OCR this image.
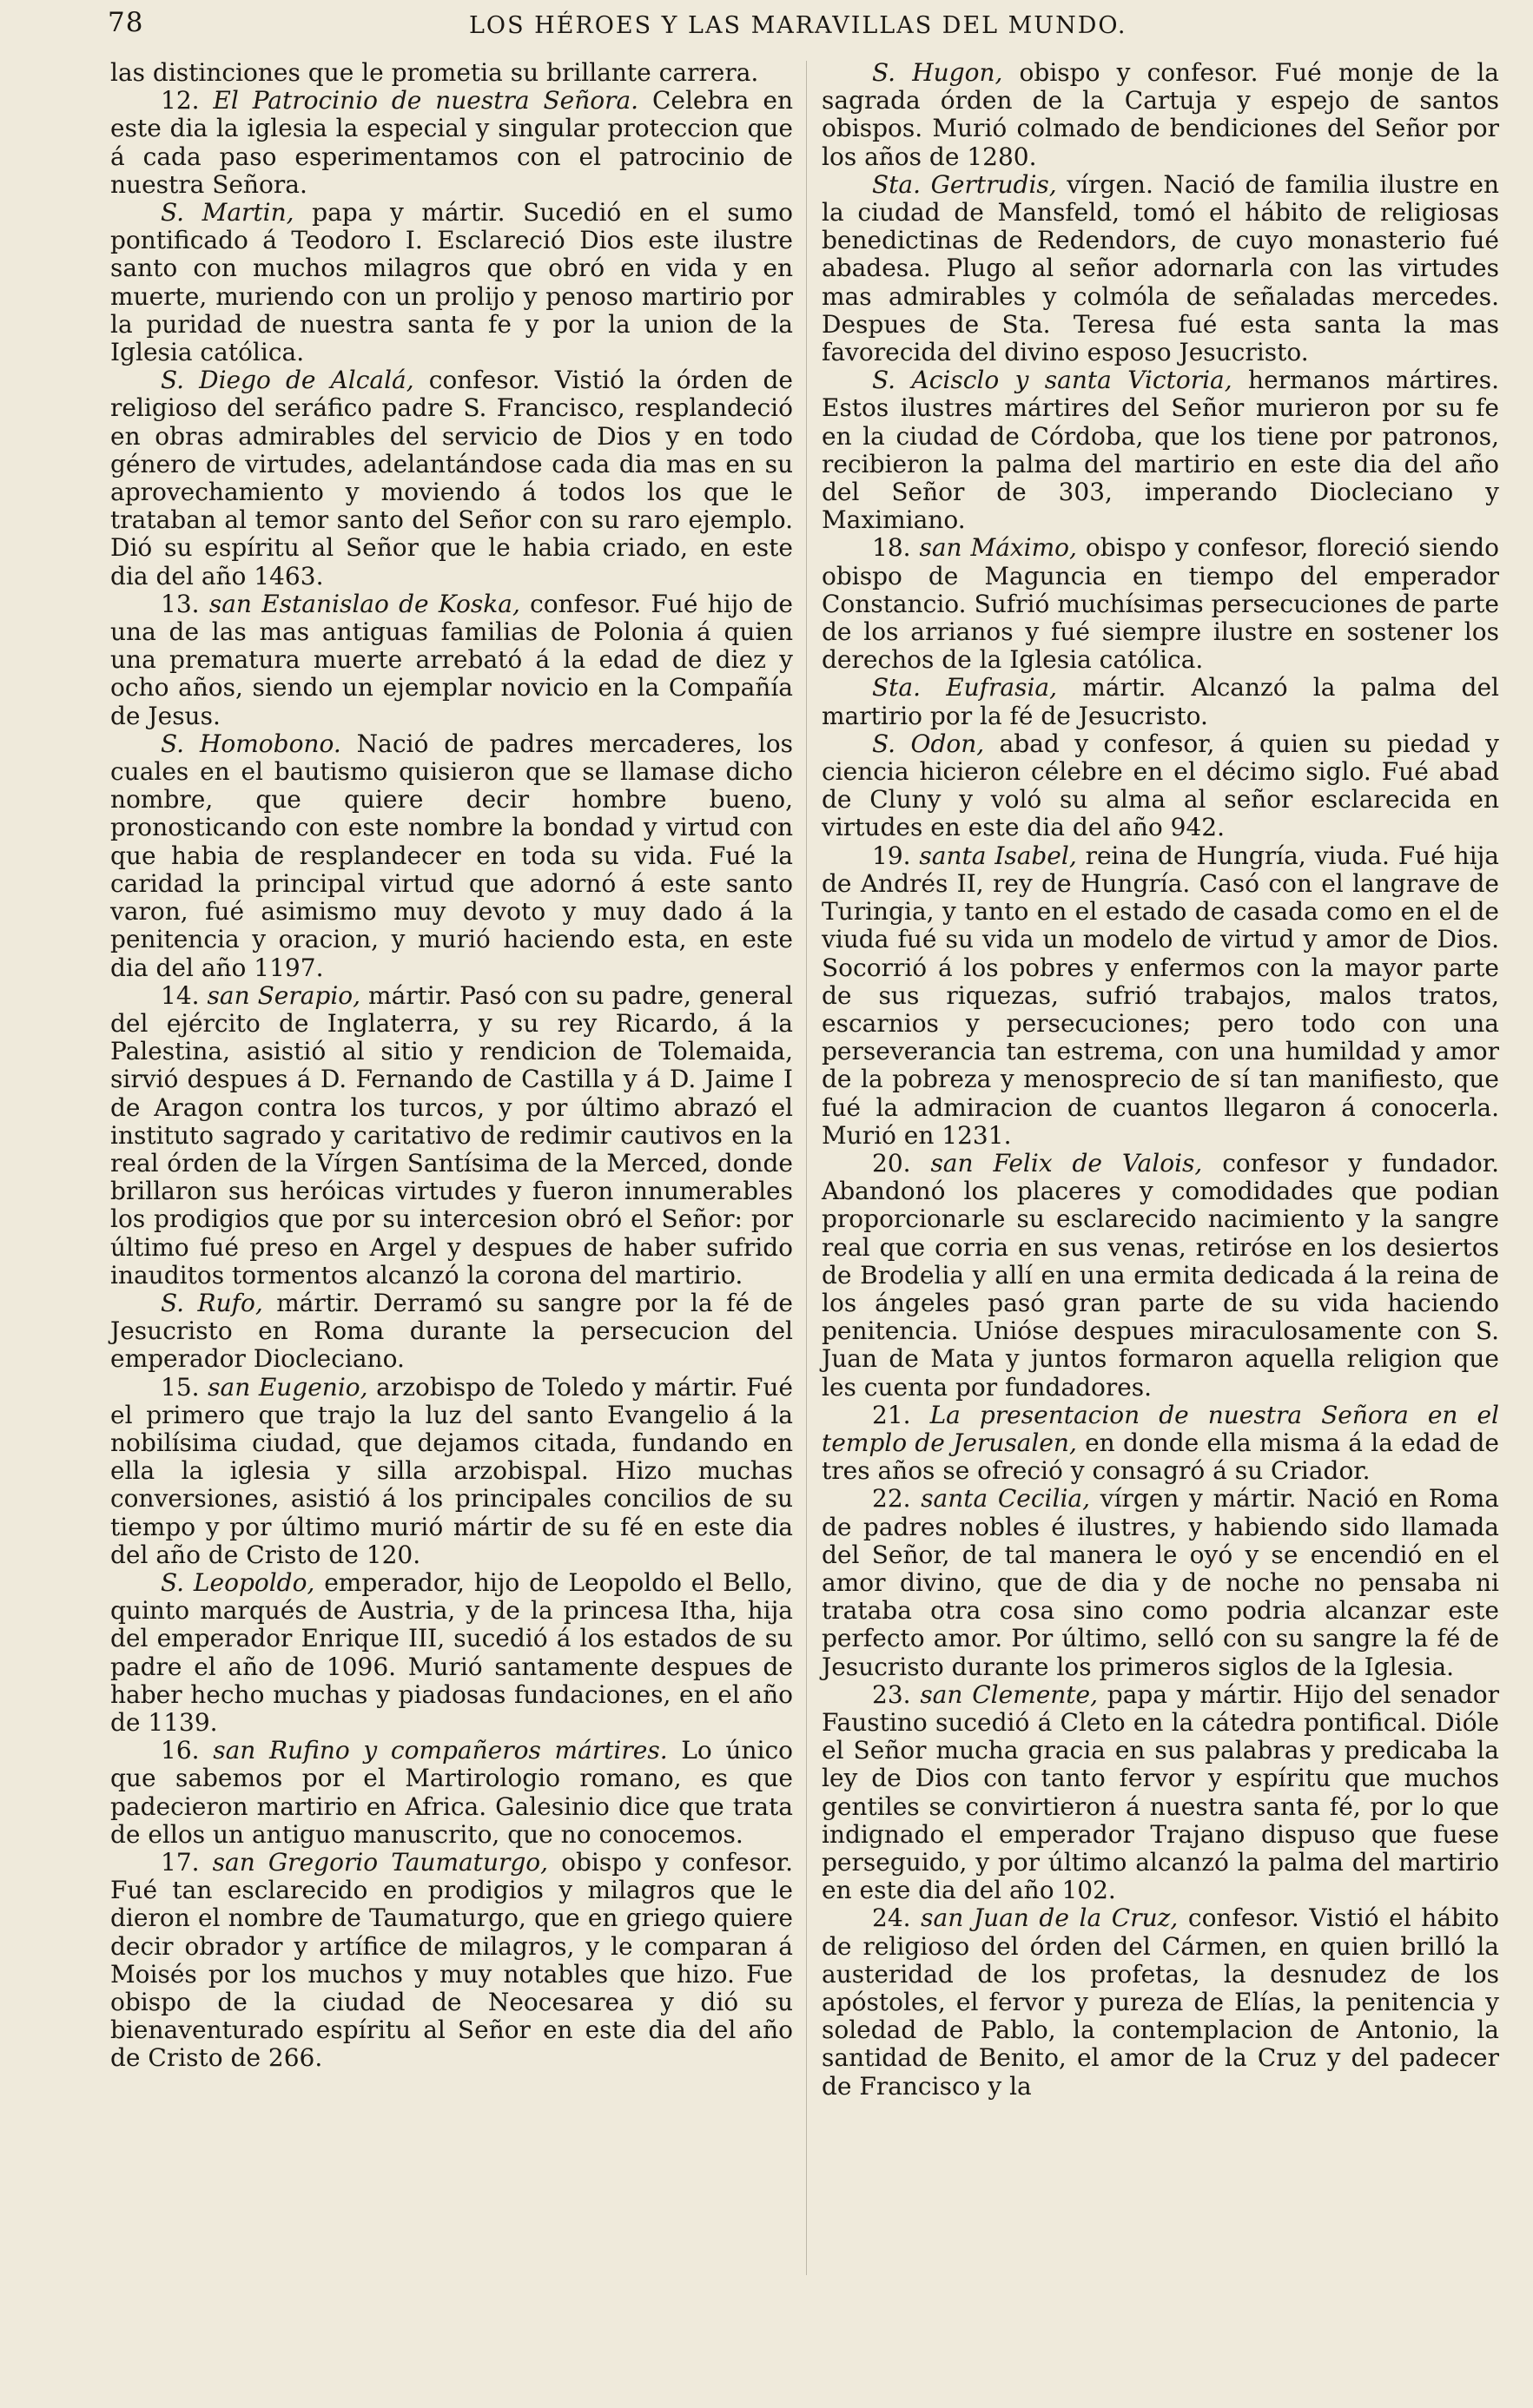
78	LOS HÉROES Y LAS MARAVILLAS DEL MUNDO.

las distinciones que le prometia su brillante carrera.

12. El Patrocinio de nuestra Señora. Celebra en este dia la iglesia la especial y singular proteccion que á cada paso esperimentamos con el patrocinio de nuestra Señora.

S. Martin, papa y mártir. Sucedió en el sumo pontificado á Teodoro I. Esclareció Dios este ilustre santo con muchos milagros que obró en vida y en muerte, muriendo con un prolijo y penoso martirio por la puridad de nuestra santa fe y por la union de la Iglesia católica.

S. Diego de Alcalá, confesor. Vistió la órden de religioso del seráfico padre S. Francisco, resplandeció en obras admirables del servicio de Dios y en todo género de virtudes, adelantándose cada dia mas en su aprovechamiento y moviendo á todos los que le trataban al temor santo del Señor con su raro ejemplo. Dió su espíritu al Señor que le habia criado, en este dia del año 1463.

13. san Estanislao de Koska, confesor. Fué hijo de una de las mas antiguas familias de Polonia á quien una prematura muerte arrebató á la edad de diez y ocho años, siendo un ejemplar novicio en la Compañía de Jesus.

S. Homobono. Nació de padres mercaderes, los cuales en el bautismo quisieron que se llamase dicho nombre, que quiere decir hombre bueno, pronosticando con este nombre la bondad y virtud con que habia de resplandecer en toda su vida. Fué la caridad la principal virtud que adornó á este santo varon, fué asimismo muy devoto y muy dado á la penitencia y oracion, y murió haciendo esta, en este dia del año 1197.

14. san Serapio, mártir. Pasó con su padre, general del ejército de Inglaterra, y su rey Ricardo, á la Palestina, asistió al sitio y rendicion de Tolemaida, sirvió despues á D. Fernando de Castilla y á D. Jaime I de Aragon contra los turcos, y por último abrazó el instituto sagrado y caritativo de redimir cautivos en la real órden de la Vírgen Santísima de la Merced, donde brillaron sus heróicas virtudes y fueron innumerables los prodigios que por su intercesion obró el Señor: por último fué preso en Argel y despues de haber sufrido inauditos tormentos alcanzó la corona del martirio.

S. Rufo, mártir. Derramó su sangre por la fé de Jesucristo en Roma durante la persecucion del emperador Diocleciano.

15. san Eugenio, arzobispo de Toledo y mártir. Fué el primero que trajo la luz del santo Evangelio á la nobilísima ciudad, que dejamos citada, fundando en ella la iglesia y silla arzobispal. Hizo muchas conversiones, asistió á los principales concilios de su tiempo y por último murió mártir de su fé en este dia del año de Cristo de 120.

S. Leopoldo, emperador, hijo de Leopoldo el Bello, quinto marqués de Austria, y de la princesa Itha, hija del emperador Enrique III, sucedió á los estados de su padre el año de 1096. Murió santamente despues de haber hecho muchas y piadosas fundaciones, en el año de 1139.

16. san Rufino y compañeros mártires. Lo único que sabemos por el Martirologio romano, es que padecieron martirio en Africa. Galesinio dice que trata de ellos un antiguo manuscrito, que no conocemos.

17. san Gregorio Taumaturgo, obispo y confesor. Fué tan esclarecido en prodigios y milagros que le dieron el nombre de Taumaturgo, que en griego quiere decir obrador y artífice de milagros, y le comparan á Moisés por los muchos y muy notables que hizo. Fue obispo de la ciudad de Neocesarea y dió su bienaventurado espíritu al Señor en este dia del año de Cristo de 266.

S. Hugon, obispo y confesor. Fué monje de la sagrada órden de la Cartuja y espejo de santos obispos. Murió colmado de bendiciones del Señor por los años de 1280.

Sta. Gertrudis, vírgen. Nació de familia ilustre en la ciudad de Mansfeld, tomó el hábito de religiosas benedictinas de Redendors, de cuyo monasterio fué abadesa. Plugo al señor adornarla con las virtudes mas admirables y colmóla de señaladas mercedes. Despues de Sta. Teresa fué esta santa la mas favorecida del divino esposo Jesucristo.

S. Acisclo y santa Victoria, hermanos mártires. Estos ilustres mártires del Señor murieron por su fe en la ciudad de Córdoba, que los tiene por patronos, recibieron la palma del martirio en este dia del año del Señor de 303, imperando Diocleciano y Maximiano.

18. san Máximo, obispo y confesor, floreció siendo obispo de Maguncia en tiempo del emperador Constancio. Sufrió muchísimas persecuciones de parte de los arrianos y fué siempre ilustre en sostener los derechos de la Iglesia católica.

Sta. Eufrasia, mártir. Alcanzó la palma del martirio por la fé de Jesucristo.

S. Odon, abad y confesor, á quien su piedad y ciencia hicieron célebre en el décimo siglo. Fué abad de Cluny y voló su alma al señor esclarecida en virtudes en este dia del año 942.

19. santa Isabel, reina de Hungría, viuda. Fué hija de Andrés II, rey de Hungría. Casó con el langrave de Turingia, y tanto en el estado de casada como en el de viuda fué su vida un modelo de virtud y amor de Dios. Socorrió á los pobres y enfermos con la mayor parte de sus riquezas, sufrió trabajos, malos tratos, escarnios y persecuciones; pero todo con una perseverancia tan estrema, con una humildad y amor de la pobreza y menosprecio de sí tan manifiesto, que fué la admiracion de cuantos llegaron á conocerla. Murió en 1231.

20. san Felix de Valois, confesor y fundador. Abandonó los placeres y comodidades que podian proporcionarle su esclarecido nacimiento y la sangre real que corria en sus venas, retiróse en los desiertos de Brodelia y allí en una ermita dedicada á la reina de los ángeles pasó gran parte de su vida haciendo penitencia. Unióse despues miraculosamente con S. Juan de Mata y juntos formaron aquella religion que les cuenta por fundadores.

21. La presentacion de nuestra Señora en el templo de Jerusalen, en donde ella misma á la edad de tres años se ofreció y consagró á su Criador.

22. santa Cecilia, vírgen y mártir. Nació en Roma de padres nobles é ilustres, y habiendo sido llamada del Señor, de tal manera le oyó y se encendió en el amor divino, que de dia y de noche no pensaba ni trataba otra cosa sino como podria alcanzar este perfecto amor. Por último, selló con su sangre la fé de Jesucristo durante los primeros siglos de la Iglesia.

23. san Clemente, papa y mártir. Hijo del senador Faustino sucedió á Cleto en la cátedra pontifical. Dióle el Señor mucha gracia en sus palabras y predicaba la ley de Dios con tanto fervor y espíritu que muchos gentiles se convirtieron á nuestra santa fé, por lo que indignado el emperador Trajano dispuso que fuese perseguido, y por último alcanzó la palma del martirio en este dia del año 102.

24. san Juan de la Cruz, confesor. Vistió el hábito de religioso del órden del Cármen, en quien brilló la austeridad de los profetas, la desnudez de los apóstoles, el fervor y pureza de Elías, la penitencia y soledad de Pablo, la contemplacion de Antonio, la santidad de Benito, el amor de la Cruz y del padecer de Francisco y la
